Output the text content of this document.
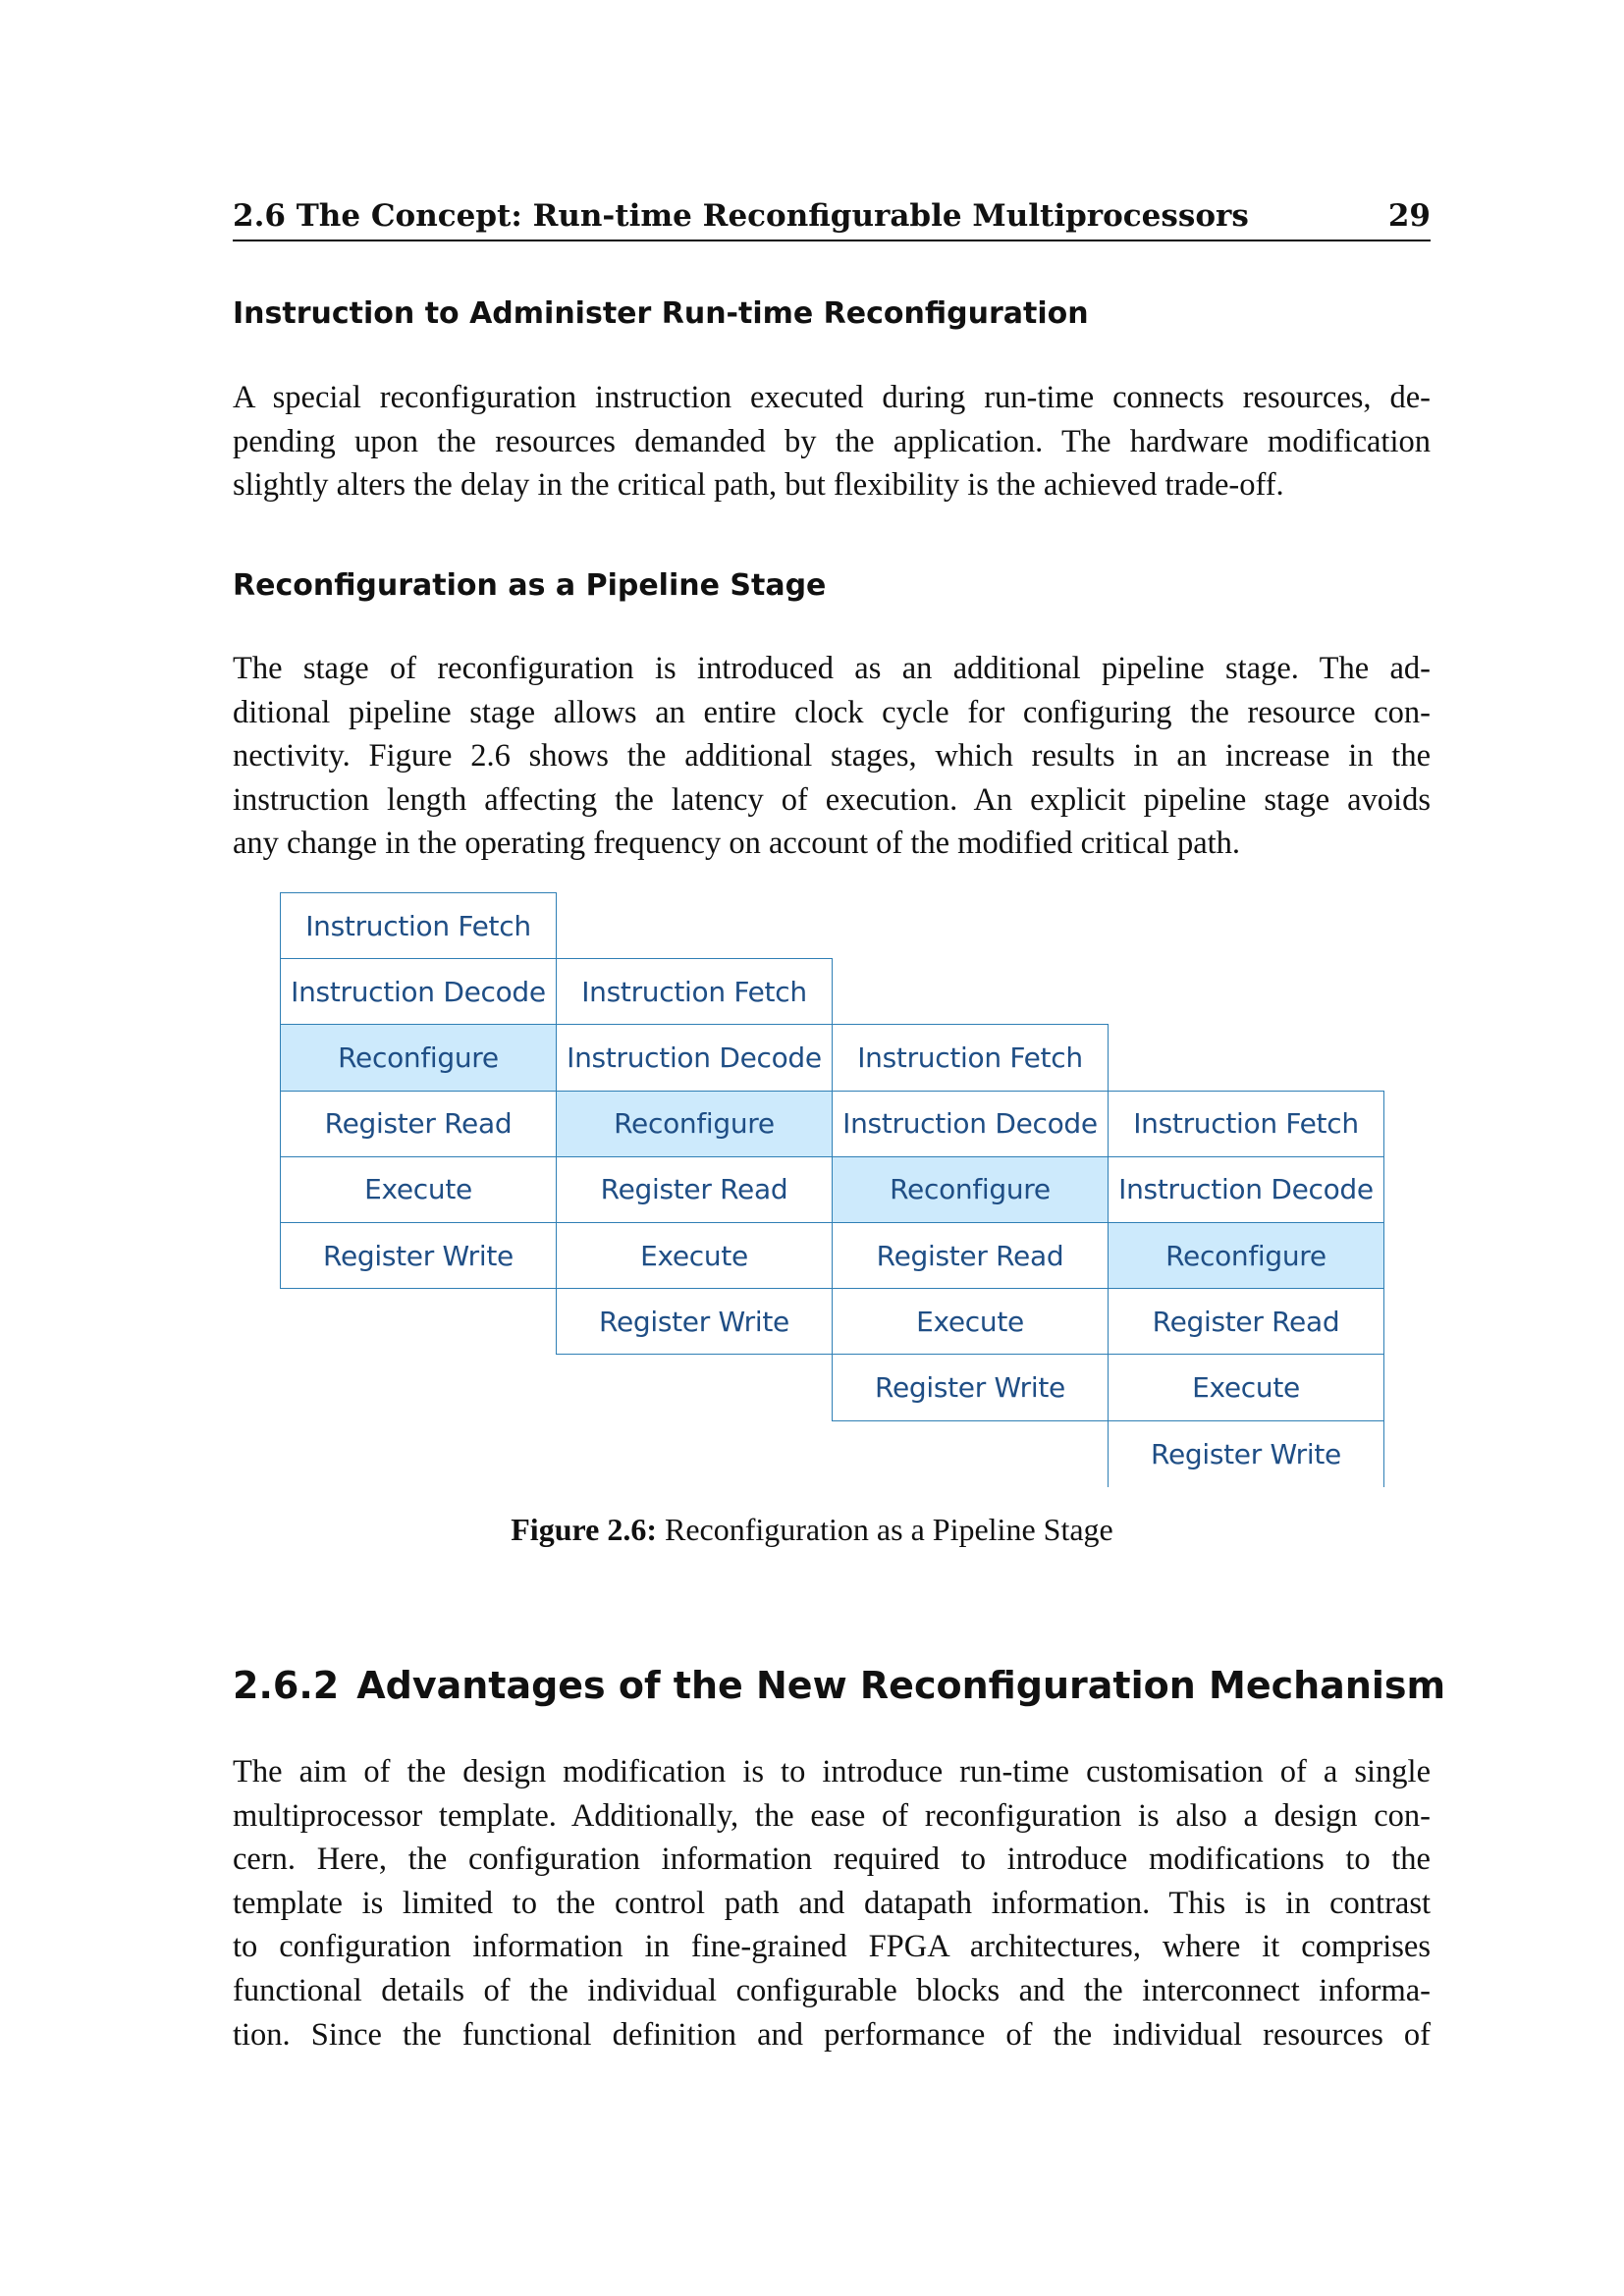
2.6 The Concept: Run-time Reconfigurable Multiprocessors	29
Instruction to Administer Run-time Reconfiguration
A special reconfiguration instruction executed during run-time connects resources, de-
pending upon the resources demanded by the application. The hardware modification
slightly alters the delay in the critical path, but flexibility is the achieved trade-off.
Reconfiguration as a Pipeline Stage
The stage of reconfiguration is introduced as an additional pipeline stage. The ad-
ditional pipeline stage allows an entire clock cycle for configuring the resource con-
nectivity. Figure 2.6 shows the additional stages, which results in an increase in the
instruction length affecting the latency of execution. An explicit pipeline stage avoids
any change in the operating frequency on account of the modified critical path.
Instruction Fetch
Instruction Decode
Reconfigure
Register Read
Execute
Register Write
Instruction Fetch
Instruction Decode
Reconfigure
Register Read
Execute
Register Write
Instruction Fetch
Instruction Decode
Reconfigure
Register Read
Execute
Register Write
Instruction Fetch
Instruction Decode
Reconfigure
Register Read
Execute
Register Write
Figure 2.6: Reconfiguration as a Pipeline Stage
2.6.2 Advantages of the New Reconfiguration Mechanism
The aim of the design modification is to introduce run-time customisation of a single
multiprocessor template. Additionally, the ease of reconfiguration is also a design con-
cern. Here, the configuration information required to introduce modifications to the
template is limited to the control path and datapath information. This is in contrast
to configuration information in fine-grained FPGA architectures, where it comprises
functional details of the individual configurable blocks and the interconnect informa-
tion. Since the functional definition and performance of the individual resources of
